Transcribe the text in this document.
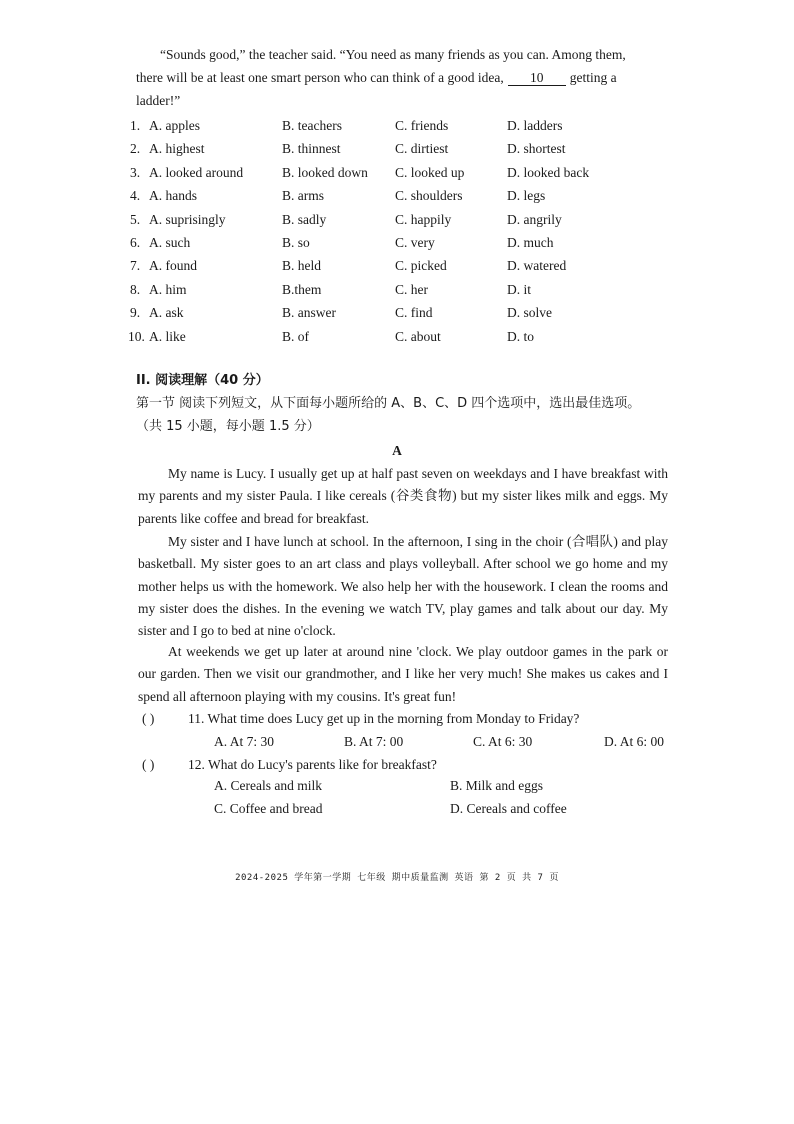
“Sounds good,” the teacher said. “You need as many friends as you can. Among them,
there will be at least one smart person who can think of a good idea, 10 getting a
ladder!”
1. A. apples	B. teachers	C. friends	D. ladders
2. A. highest	B. thinnest	C. dirtiest	D. shortest
3. A. looked around	B. looked down C. looked up	D. looked back
4. A. hands	B. arms	C. shoulders	D. legs
5. A. suprisingly	B. sadly	C. happily	D. angrily
6. A. such	B. so	C. very	D. much
7. A. found	B. held	C. picked	D. watered
8. A. him	B.them	C. her	D. it
9. A. ask	B. answer	C. find	D. solve
10. A. like	B. of	C. about	D. to
II. 阅读理解（40 分）
第一节 阅读下列短文，从下面每小题所给的 A、B、C、D 四个选项中，选出最佳选项。
（共 15 小题，每小题 1.5 分）
A
My name is Lucy. I usually get up at half past seven on weekdays and I have breakfast with my parents and my sister Paula. I like cereals (谷类食物) but my sister likes milk and eggs. My parents like coffee and bread for breakfast.
My sister and I have lunch at school. In the afternoon, I sing in the choir (合唱队) and play basketball. My sister goes to an art class and plays volleyball. After school we go home and my mother helps us with the homework. We also help her with the housework. I clean the rooms and my sister does the dishes. In the evening we watch TV, play games and talk about our day. My sister and I go to bed at nine o'clock.
At weekends we get up later at around nine 'clock. We play outdoor games in the park or our garden. Then we visit our grandmother, and I like her very much! She makes us cakes and I spend all afternoon playing with my cousins. It's great fun!
( ) 11. What time does Lucy get up in the morning from Monday to Friday?
A. At 7: 30	B. At 7: 00	C. At 6: 30	D. At 6: 00
( ) 12. What do Lucy's parents like for breakfast?
A. Cereals and milk	B. Milk and eggs
C. Coffee and bread	D. Cereals and coffee
2024-2025 学年第一学期 七年级 期中质量监测 英语 第 2 页 共 7 页
